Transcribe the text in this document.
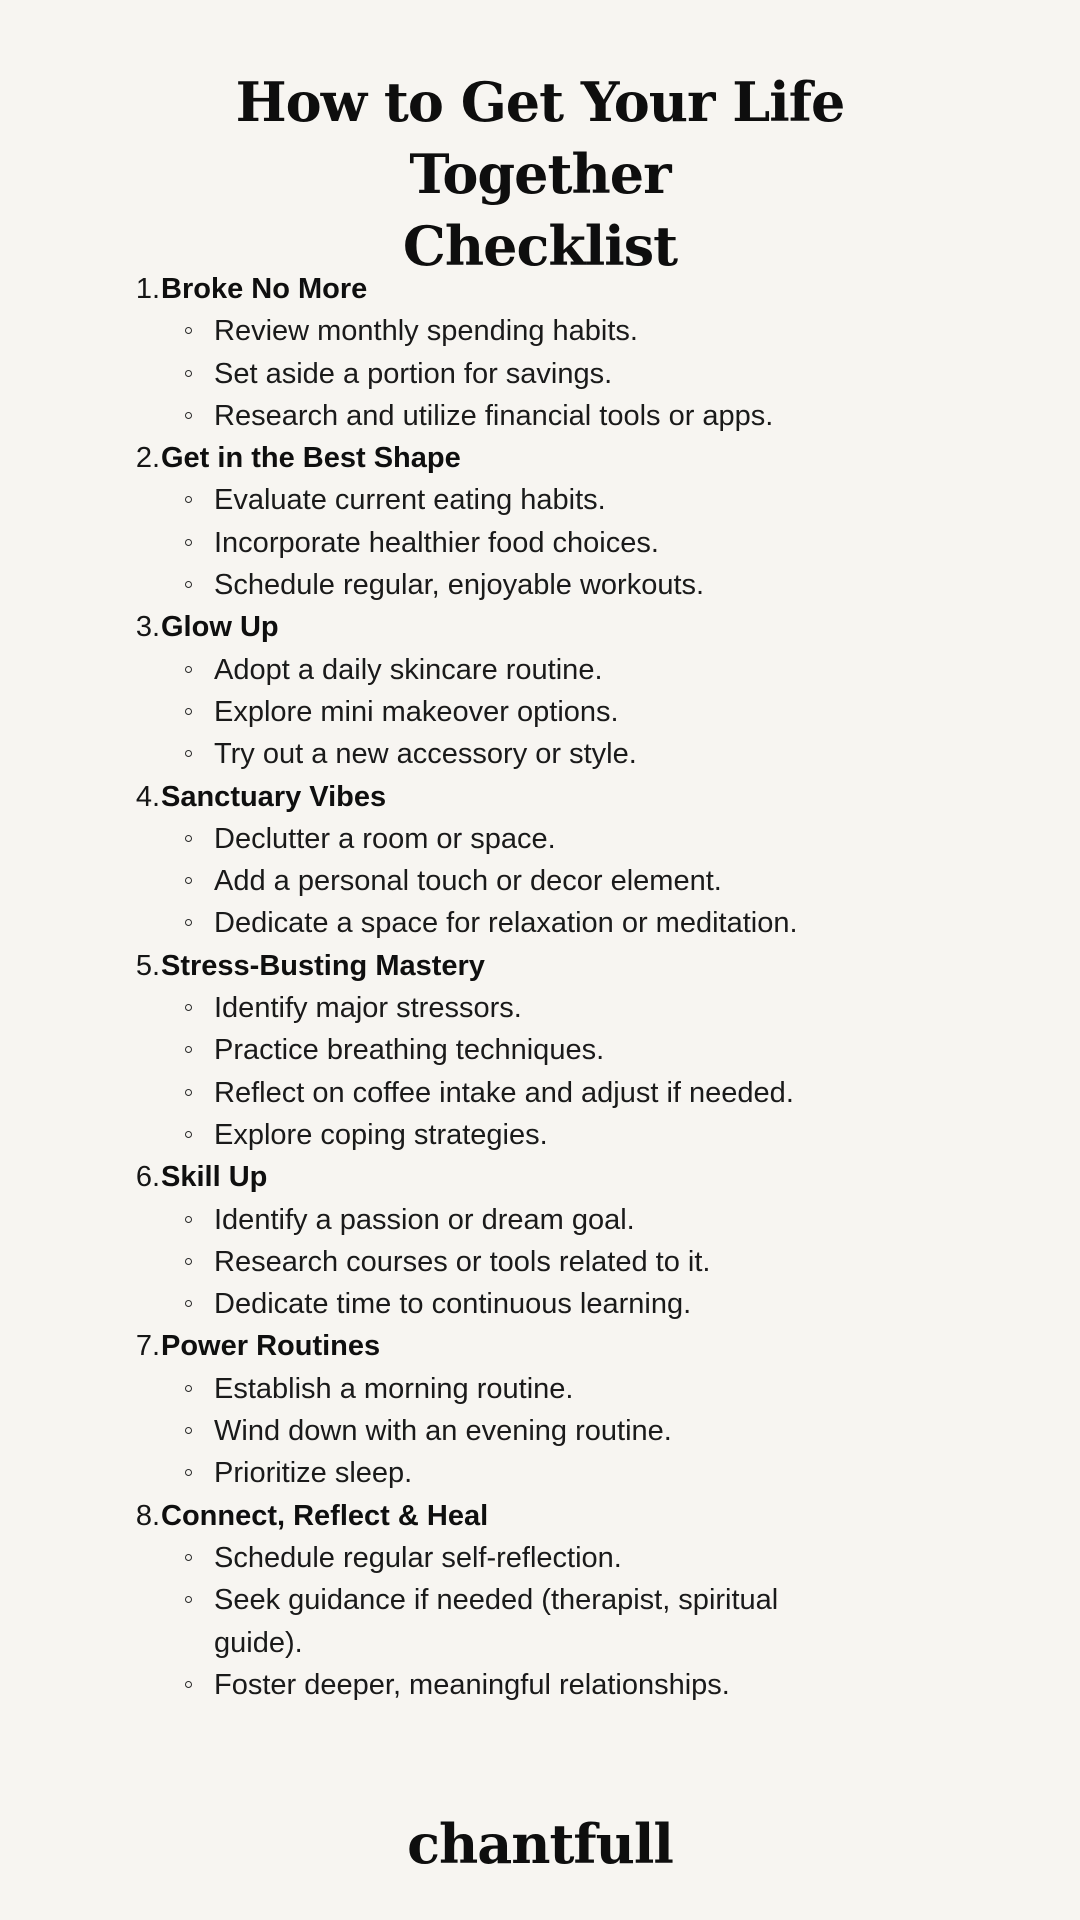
How to Get Your Life Together
Checklist
1. Broke No More
Review monthly spending habits.
Set aside a portion for savings.
Research and utilize financial tools or apps.
2. Get in the Best Shape
Evaluate current eating habits.
Incorporate healthier food choices.
Schedule regular, enjoyable workouts.
3. Glow Up
Adopt a daily skincare routine.
Explore mini makeover options.
Try out a new accessory or style.
4. Sanctuary Vibes
Declutter a room or space.
Add a personal touch or decor element.
Dedicate a space for relaxation or meditation.
5. Stress-Busting Mastery
Identify major stressors.
Practice breathing techniques.
Reflect on coffee intake and adjust if needed.
Explore coping strategies.
6. Skill Up
Identify a passion or dream goal.
Research courses or tools related to it.
Dedicate time to continuous learning.
7. Power Routines
Establish a morning routine.
Wind down with an evening routine.
Prioritize sleep.
8. Connect, Reflect & Heal
Schedule regular self-reflection.
Seek guidance if needed (therapist, spiritual guide).
Foster deeper, meaningful relationships.
chantfull
